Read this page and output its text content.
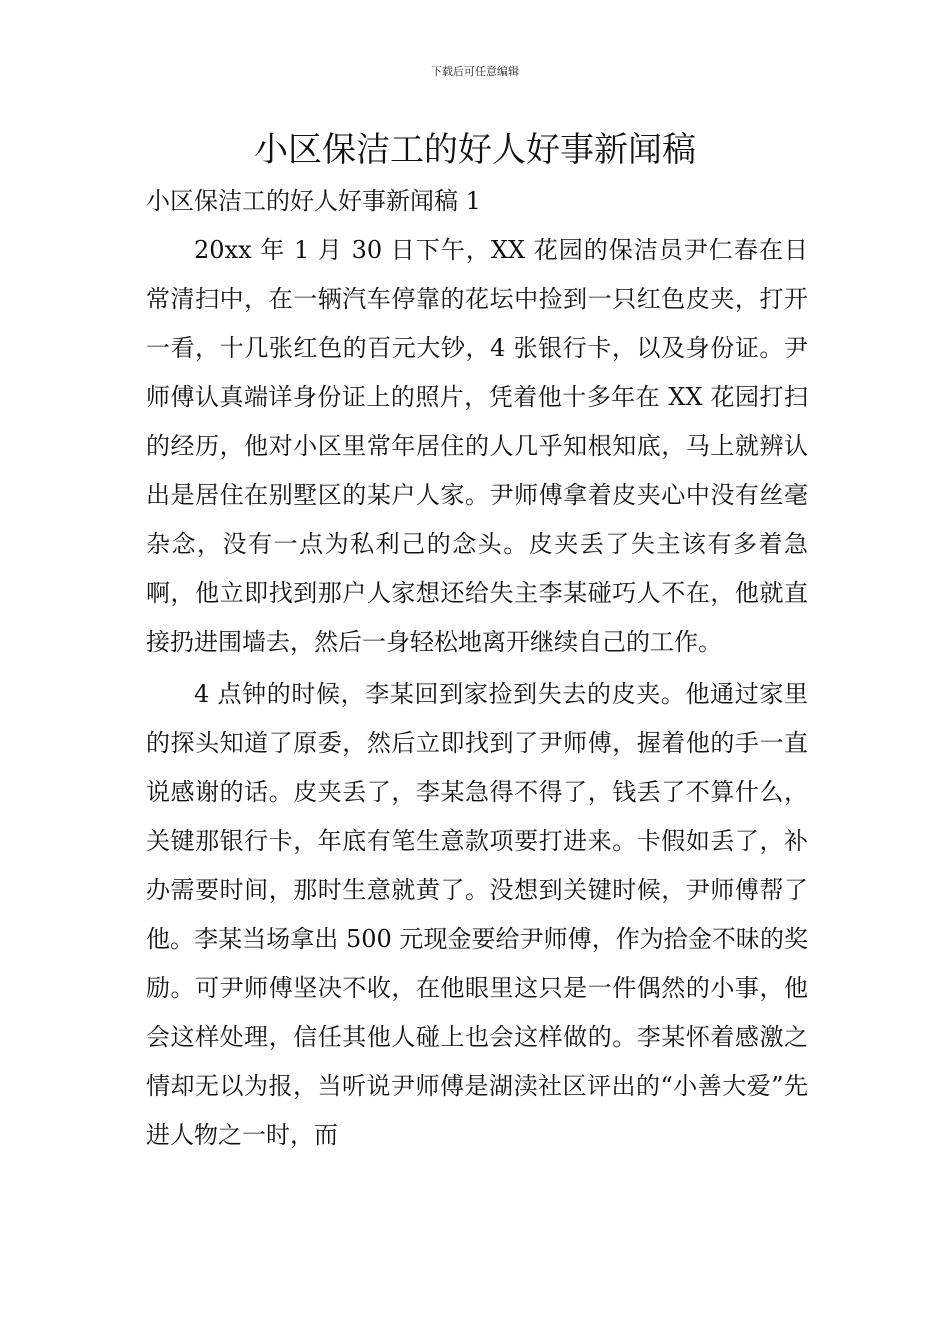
下载后可任意编辑
小区保洁工的好人好事新闻稿
小区保洁工的好人好事新闻稿 1

20xx 年 1 月 30 日下午，XX 花园的保洁员尹仁春在日常清扫中，在一辆汽车停靠的花坛中捡到一只红色皮夹，打开一看，十几张红色的百元大钞，4 张银行卡，以及身份证。尹师傅认真端详身份证上的照片，凭着他十多年在 XX 花园打扫的经历，他对小区里常年居住的人几乎知根知底，马上就辨认出是居住在别墅区的某户人家。尹师傅拿着皮夹心中没有丝毫杂念，没有一点为私利己的念头。皮夹丢了失主该有多着急啊，他立即找到那户人家想还给失主李某碰巧人不在，他就直接扔进围墙去，然后一身轻松地离开继续自己的工作。

4 点钟的时候，李某回到家捡到失去的皮夹。他通过家里的探头知道了原委，然后立即找到了尹师傅，握着他的手一直说感谢的话。皮夹丢了，李某急得不得了，钱丢了不算什么，关键那银行卡，年底有笔生意款项要打进来。卡假如丢了，补办需要时间，那时生意就黄了。没想到关键时候，尹师傅帮了他。李某当场拿出 500 元现金要给尹师傅，作为拾金不昧的奖励。可尹师傅坚决不收，在他眼里这只是一件偶然的小事，他会这样处理，信任其他人碰上也会这样做的。李某怀着感激之情却无以为报，当听说尹师傅是湖渎社区评出的“小善大爱”先进人物之一时，而
